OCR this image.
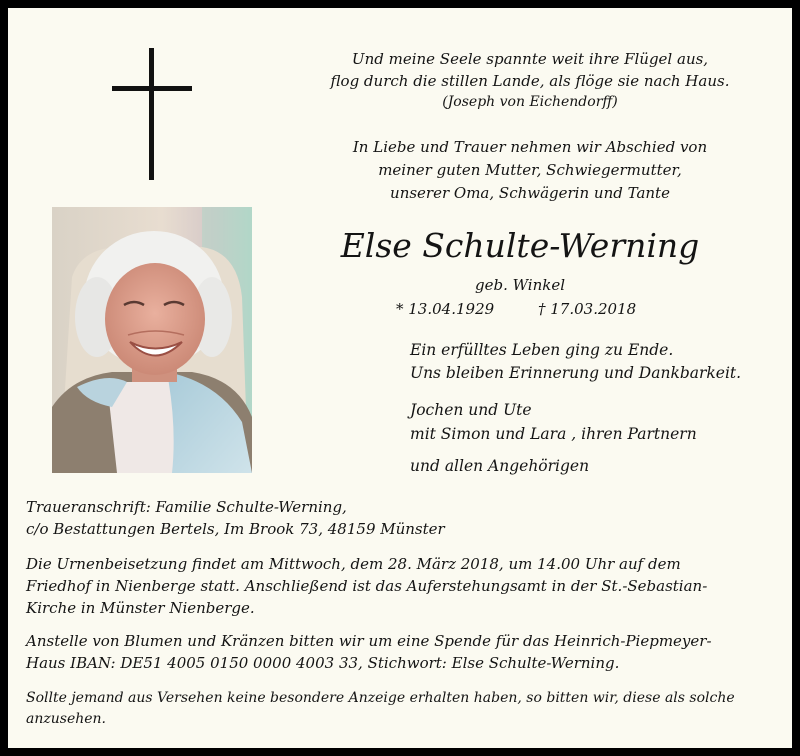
Und meine Seele spannte weit ihre Flügel aus,
flog durch die stillen Lande, als flöge sie nach Haus.
(Joseph von Eichendorff)
In Liebe und Trauer nehmen wir Abschied von
meiner guten Mutter, Schwiegermutter,
unserer Oma, Schwägerin und Tante
Else Schulte-Werning
geb. Winkel
* 13.04.1929	† 17.03.2018
Ein erfülltes Leben ging zu Ende.
Uns bleiben Erinnerung und Dankbarkeit.
Jochen und Ute
mit Simon und Lara , ihren Partnern
und allen Angehörigen
Traueranschrift: Familie Schulte-Werning,
c/o Bestattungen Bertels, Im Brook 73, 48159 Münster
Die Urnenbeisetzung findet am Mittwoch, dem 28. März 2018, um 14.00 Uhr auf dem
Friedhof in Nienberge statt. Anschließend ist das Auferstehungsamt in der St.-Sebastian-
Kirche in Münster Nienberge.
Anstelle von Blumen und Kränzen bitten wir um eine Spende für das Heinrich-Piepmeyer-
Haus IBAN: DE51 4005 0150 0000 4003 33, Stichwort: Else Schulte-Werning.
Sollte jemand aus Versehen keine besondere Anzeige erhalten haben, so bitten wir, diese als solche
anzusehen.
